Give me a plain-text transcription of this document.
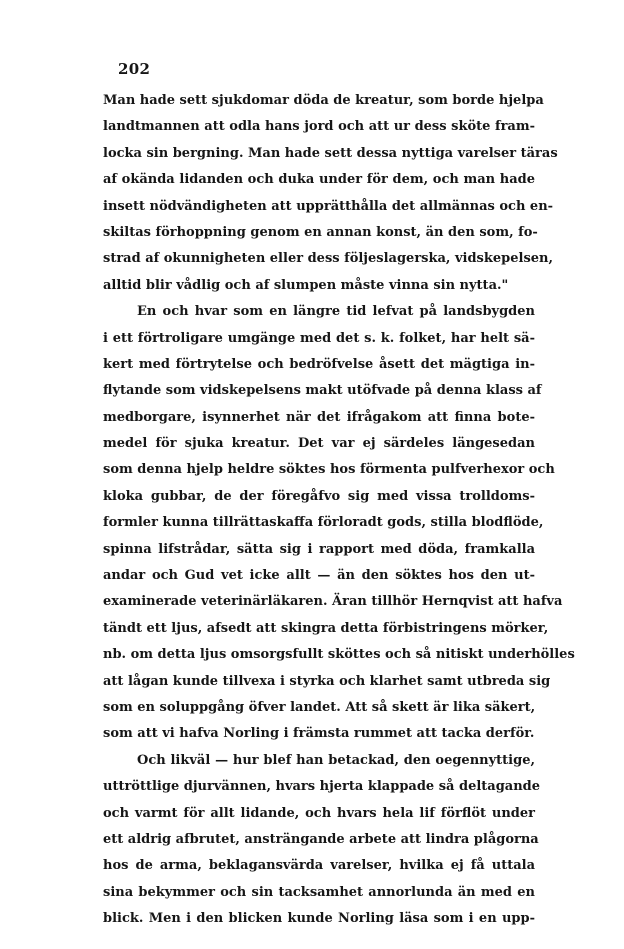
202
Man hade sett sjukdomar döda de kreatur, som borde hjelpa
landtmannen att odla hans jord och att ur dess sköte fram-
locka sin bergning. Man hade sett dessa nyttiga varelser täras
af okända lidanden och duka under för dem, och man hade
insett nödvändigheten att upprätthålla det allmännas och en-
skiltas förhoppning genom en annan konst, än den som, fo-
strad af okunnigheten eller dess följeslagerska, vidskepelsen,
alltid blir vådlig och af slumpen måste vinna sin nytta."
En och hvar som en längre tid lefvat på landsbygden
i ett förtroligare umgänge med det s. k. folket, har helt sä-
kert med förtrytelse och bedröfvelse åsett det mägtiga in-
flytande som vidskepelsens makt utöfvade på denna klass af
medborgare, isynnerhet när det ifrågakom att finna bote-
medel för sjuka kreatur. Det var ej särdeles längesedan
som denna hjelp heldre söktes hos förmenta pulfverhexor och
kloka gubbar, de der föregåfvo sig med vissa trolldoms-
formler kunna tillrättaskaffa förloradt gods, stilla blodflöde,
spinna lifstrådar, sätta sig i rapport med döda, framkalla
andar och Gud vet icke allt — än den söktes hos den ut-
examinerade veterinärläkaren. Äran tillhör Hernqvist att hafva
tändt ett ljus, afsedt att skingra detta förbistringens mörker,
nb. om detta ljus omsorgsfullt sköttes och så nitiskt underhölles
att lågan kunde tillvexa i styrka och klarhet samt utbreda sig
som en soluppgång öfver landet. Att så skett är lika säkert,
som att vi hafva Norling i främsta rummet att tacka derför.
Och likväl — hur blef han betackad, den oegennyttige,
uttröttlige djurvännen, hvars hjerta klappade så deltagande
och varmt för allt lidande, och hvars hela lif förflöt under
ett aldrig afbrutet, ansträngande arbete att lindra plågorna
hos de arma, beklagansvärda varelser, hvilka ej få uttala
sina bekymmer och sin tacksamhet annorlunda än med en
blick. Men i den blicken kunde Norling läsa som i en upp-
